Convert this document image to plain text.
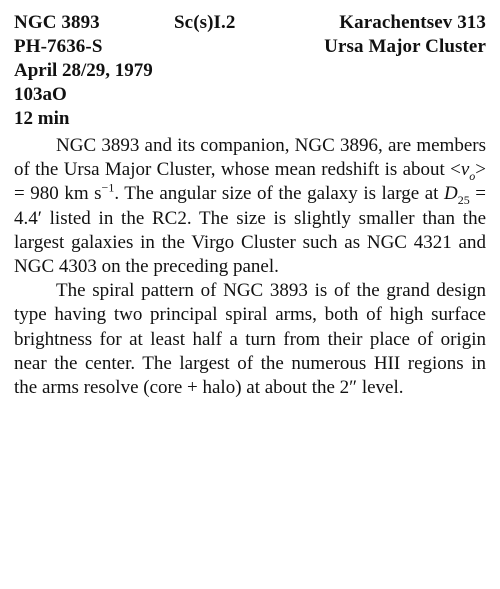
NGC 3893	Sc(s)I.2	Karachentsev 313
PH-7636-S	Ursa Major Cluster
April 28/29, 1979
103aO
12 min

NGC 3893 and its companion, NGC 3896, are members of the Ursa Major Cluster, whose mean redshift is about $<v_o> = 980$ km $s^{-1}$. The angular size of the galaxy is large at $D_{25} = 4.4'$ listed in the RC2. The size is slightly smaller than the largest galaxies in the Virgo Cluster such as NGC 4321 and NGC 4303 on the preceding panel.

The spiral pattern of NGC 3893 is of the grand design type having two principal spiral arms, both of high surface brightness for at least half a turn from their place of origin near the center. The largest of the numerous HII regions in the arms resolve (core + halo) at about the 2″ level.
